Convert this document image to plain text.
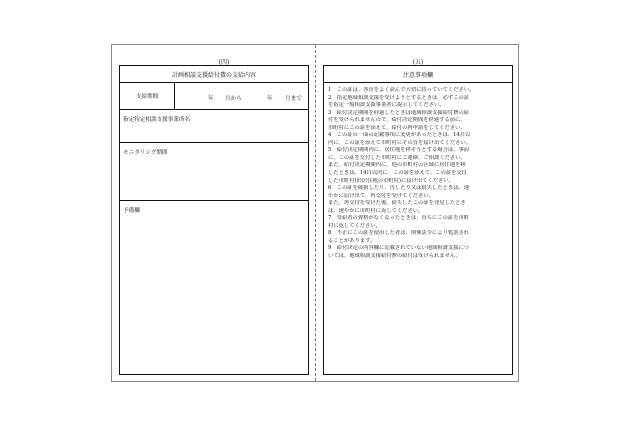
(四)
計画相談支援給付費の支給内容
支給期間	年 月から	年 月まで
指定特定相談支援事業所名
モニタリング期間
予備欄
(五)
注意事項欄
1　この証は、各貢をよく読んで大切に持っていてください。
2　指定地域相談支援を受けようとするときは、必ずこの証
を指定一般相談支援事業者に提示してください。
3　給付決定期間を経過したときは地域相談支援給付費の給
付を受けられませんので、給付決定期間を経過する前に、
市町村にこの証を添えて、給付の再申請をしてください。
4　この証の一面の記載事項に変更があったときは、14日以
内に、この証を添えて市町村にその旨を届け出てください。
5　給付決定期間内に、居住地を移そうとする場合は、事前
に、この証を交付した市町村にご連絡、ご相談ください。
また、給付決定期間内に、他の市町村の区域に居住地を移
したときは、14日以内に、この証を添えて、この証を交付
した市町村(旧居住地の市町村)に届け出てください。
6　この証を破損したり、汚したり又は紛失したときは、速
やかに届け出て、再交付を受けてください。
また、再交付を受けた後、紛失したこの証を発見したとき
は、速やかに市町村に返してください。
7　受給者の資格がなくなったときは、直ちにこの証を市町
村に返してください。
8　不正にこの証を使用した者は、関係法令により処罰され
ることがあります。
9　給付決定の内容欄に記載されていない地域相談支援につ
いては、地域相談支援給付費の給付は受けられません。
